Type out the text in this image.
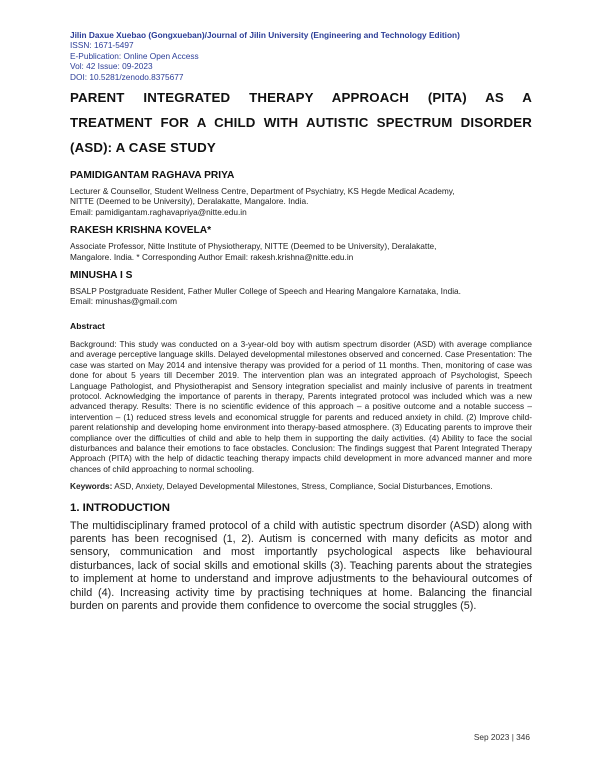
Jilin Daxue Xuebao (Gongxueban)/Journal of Jilin University (Engineering and Technology Edition)
ISSN: 1671-5497
E-Publication: Online Open Access
Vol: 42 Issue: 09-2023
DOI: 10.5281/zenodo.8375677
PARENT INTEGRATED THERAPY APPROACH (PITA) AS A
TREATMENT FOR A CHILD WITH AUTISTIC SPECTRUM DISORDER
(ASD): A CASE STUDY
PAMIDIGANTAM RAGHAVA PRIYA
Lecturer & Counsellor, Student Wellness Centre, Department of Psychiatry, KS Hegde Medical Academy,
NITTE (Deemed to be University), Deralakatte, Mangalore. India.
Email: pamidigantam.raghavapriya@nitte.edu.in
RAKESH KRISHNA KOVELA*
Associate Professor, Nitte Institute of Physiotherapy, NITTE (Deemed to be University), Deralakatte,
Mangalore. India. * Corresponding Author Email: rakesh.krishna@nitte.edu.in
MINUSHA I S
BSALP Postgraduate Resident, Father Muller College of Speech and Hearing Mangalore Karnataka, India.
Email: minushas@gmail.com
Abstract
Background: This study was conducted on a 3-year-old boy with autism spectrum disorder (ASD) with average compliance and average perceptive language skills. Delayed developmental milestones observed and concerned. Case Presentation: The case was started on May 2014 and intensive therapy was provided for a period of 11 months. Then, monitoring of case was done for about 5 years till December 2019. The intervention plan was an integrated approach of Psychologist, Speech Language Pathologist, and Physiotherapist and Sensory integration specialist and mainly inclusive of parents in treatment protocol. Acknowledging the importance of parents in therapy, Parents integrated protocol was included which was a new advanced therapy. Results: There is no scientific evidence of this approach – a positive outcome and a notable success – intervention – (1) reduced stress levels and economical struggle for parents and reduced anxiety in child. (2) Improve child-parent relationship and developing home environment into therapy-based atmosphere. (3) Educating parents to improve their compliance over the difficulties of child and able to help them in supporting the daily activities. (4) Ability to face the social disturbances and balance their emotions to face obstacles. Conclusion: The findings suggest that Parent Integrated Therapy Approach (PITA) with the help of didactic teaching therapy impacts child development in more advanced manner and more chances of child approaching to normal schooling.
Keywords: ASD, Anxiety, Delayed Developmental Milestones, Stress, Compliance, Social Disturbances, Emotions.
1. INTRODUCTION
The multidisciplinary framed protocol of a child with autistic spectrum disorder (ASD) along with parents has been recognised (1, 2). Autism is concerned with many deficits as motor and sensory, communication and most importantly psychological aspects like behavioural disturbances, lack of social skills and emotional skills (3). Teaching parents about the strategies to implement at home to understand and improve adjustments to the behavioural outcomes of child (4). Increasing activity time by practising techniques at home. Balancing the financial burden on parents and provide them confidence to overcome the social struggles (5).
Sep 2023 | 346
